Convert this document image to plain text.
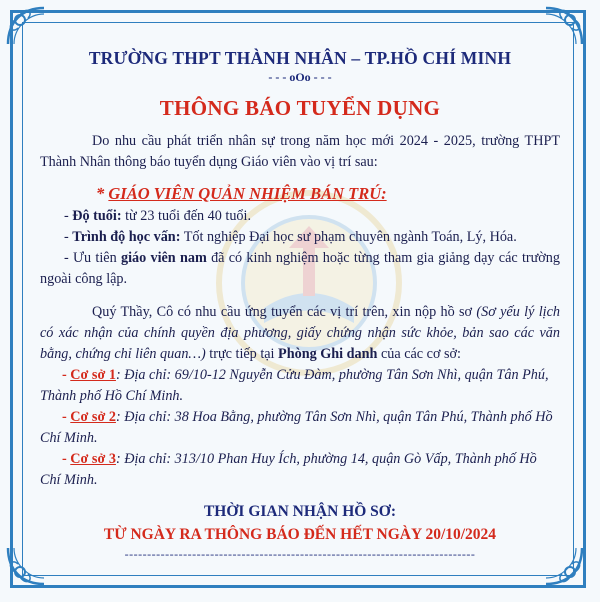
TRƯỜNG THPT THÀNH NHÂN – TP.HỒ CHÍ MINH

- - - oOo - - -

THÔNG BÁO TUYỂN DỤNG

Do nhu cầu phát triển nhân sự trong năm học mới 2024 - 2025, trường THPT Thành Nhân thông báo tuyển dụng Giáo viên vào vị trí sau:

* GIÁO VIÊN QUẢN NHIỆM BÁN TRÚ:

- Độ tuổi: từ 23 tuổi đến 40 tuổi.

- Trình độ học vấn: Tốt nghiệp Đại học sư phạm chuyên ngành Toán, Lý, Hóa.

- Ưu tiên giáo viên nam đã có kinh nghiệm hoặc từng tham gia giảng dạy các trường ngoài công lập.

Quý Thầy, Cô có nhu cầu ứng tuyển các vị trí trên, xin nộp hồ sơ (Sơ yếu lý lịch có xác nhận của chính quyền địa phương, giấy chứng nhận sức khỏe, bản sao các văn bằng, chứng chỉ liên quan…) trực tiếp tại Phòng Ghi danh của các cơ sở:

- Cơ sở 1: Địa chỉ: 69/10-12 Nguyễn Cửu Đàm, phường Tân Sơn Nhì, quận Tân Phú, Thành phố Hồ Chí Minh.

- Cơ sở 2: Địa chỉ: 38 Hoa Bằng, phường Tân Sơn Nhì, quận Tân Phú, Thành phố Hồ Chí Minh.

- Cơ sở 3: Địa chỉ: 313/10 Phan Huy Ích, phường 14, quận Gò Vấp, Thành phố Hồ Chí Minh.

THỜI GIAN NHẬN HỒ SƠ:

TỪ NGÀY RA THÔNG BÁO ĐẾN HẾT NGÀY 20/10/2024

------------------------------------------------------------------------------
